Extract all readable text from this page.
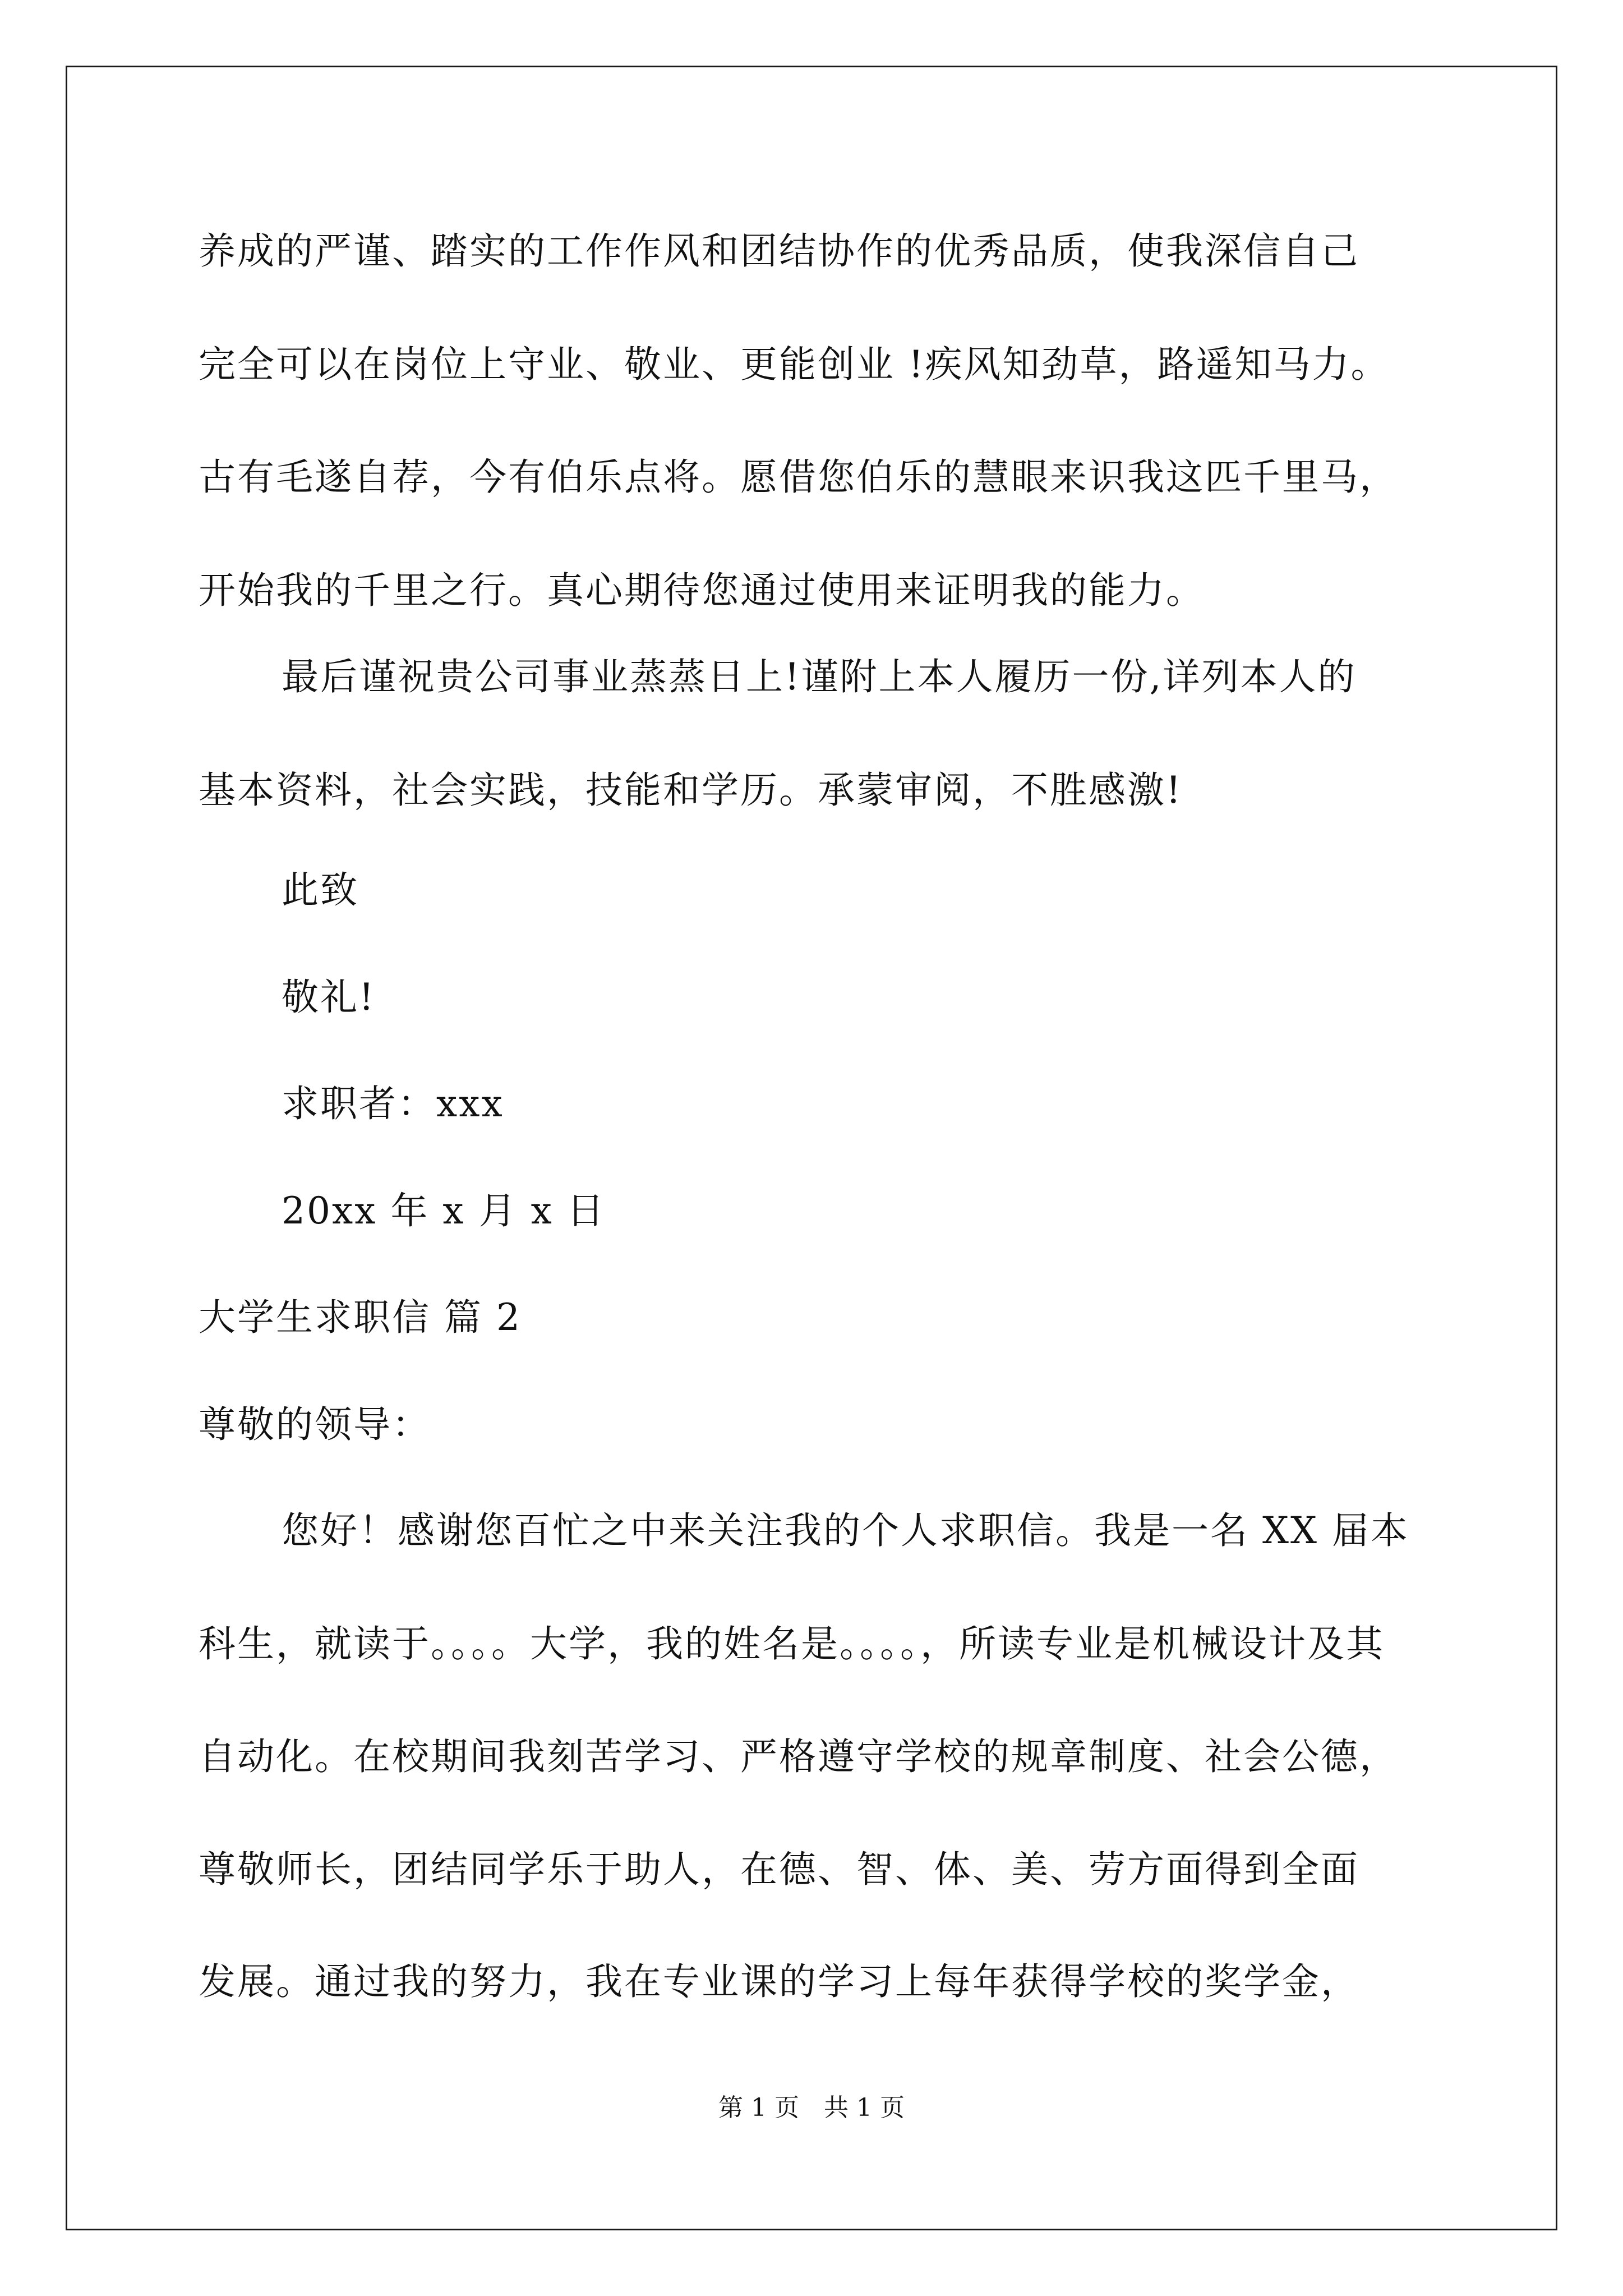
养成的严谨、踏实的工作作风和团结协作的优秀品质，使我深信自己
完全可以在岗位上守业、敬业、更能创业 !疾风知劲草，路遥知马力。
古有毛遂自荐，今有伯乐点将。愿借您伯乐的慧眼来识我这匹千里马，
开始我的千里之行。真心期待您通过使用来证明我的能力。
最后谨祝贵公司事业蒸蒸日上!谨附上本人履历一份,详列本人的
基本资料，社会实践，技能和学历。承蒙审阅，不胜感激!
此致
敬礼!
求职者：xxx
20xx 年 x 月 x 日
大学生求职信 篇 2
尊敬的领导：
您好！感谢您百忙之中来关注我的个人求职信。我是一名 XX 届本
科生，就读于。。。。大学，我的姓名是。。。。，所读专业是机械设计及其
自动化。在校期间我刻苦学习、严格遵守学校的规章制度、社会公德，
尊敬师长，团结同学乐于助人，在德、智、体、美、劳方面得到全面
发展。通过我的努力，我在专业课的学习上每年获得学校的奖学金，
第 1 页　共 1 页
